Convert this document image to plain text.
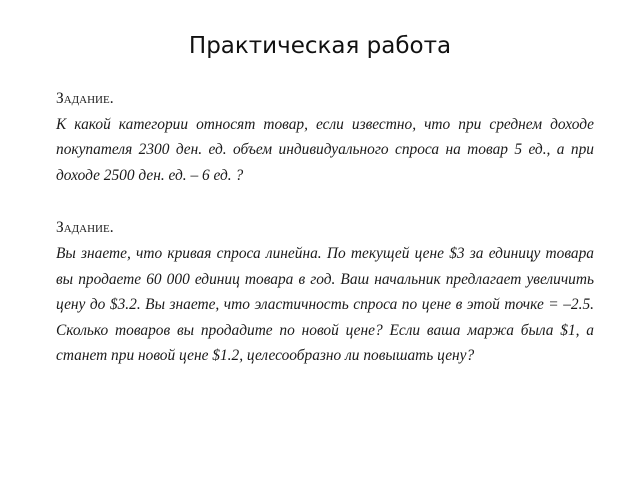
Практическая работа

Задание.

К какой категории относят товар, если известно, что при среднем доходе покупателя 2300 ден. ед. объем индивидуального спроса на товар 5 ед., а при доходе 2500 ден. ед. – 6 ед. ?

Задание.

Вы знаете, что кривая спроса линейна. По текущей цене $3 за единицу товара вы продаете 60 000 единиц товара в год. Ваш начальник предлагает увеличить цену до $3.2. Вы знаете, что эластичность спроса по цене в этой точке = –2.5. Сколько товаров вы продадите по новой цене? Если ваша маржа была $1, а станет при новой цене $1.2, целесообразно ли повышать цену?
